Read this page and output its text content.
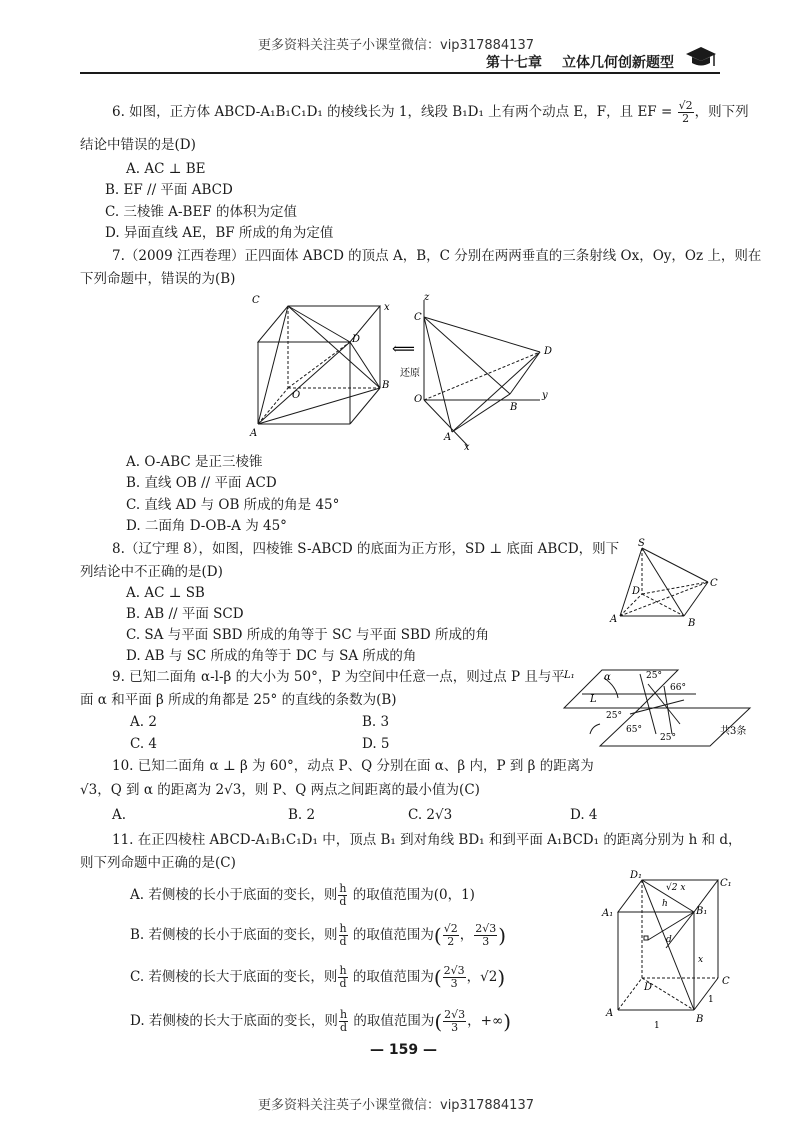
更多资料关注英子小课堂微信：vip317884137
第十七章 立体几何创新题型
6. 如图，正方体 ABCD-A₁B₁C₁D₁ 的棱线长为 1，线段 B₁D₁ 上有两个动点 E，F，且 EF = $\frac{√2}{2}$ ，则下列
结论中错误的是(D)
A. AC ⊥ BE
B. EF // 平面 ABCD
C. 三棱锥 A-BEF 的体积为定值
D. 异面直线 AE，BF 所成的角为定值
7.（2009 江西卷理）正四面体 ABCD 的顶点 A，B，C 分别在两两垂直的三条射线 Ox，Oy，Oz 上，则在
下列命题中，错误的为(B)
C
x
D
O
B
A
⟸
还原
z
C
D
O
B
y
A
x
A. O-ABC 是正三棱锥
B. 直线 OB // 平面 ACD
C. 直线 AD 与 OB 所成的角是 45°
D. 二面角 D-OB-A 为 45°
8.（辽宁理 8），如图，四棱锥 S-ABCD 的底面为正方形，SD ⊥ 底面 ABCD，则下
列结论中不正确的是(D)
A. AC ⊥ SB
B. AB // 平面 SCD
C. SA 与平面 SBD 所成的角等于 SC 与平面 SBD 所成的角
D. AB 与 SC 所成的角等于 DC 与 SA 所成的角
S
D
C
A	B
9. 已知二面角 α-l-β 的大小为 50°，P 为空间中任意一点，则过点 P 且与平
面 α 和平面 β 所成的角都是 25° 的直线的条数为(B)
A. 2	B. 3
C. 4	D. 5
L₁	α	25°
66°
L
25°
65°
25°
共3条
10. 已知二面角 α ⊥ β 为 60°，动点 P、Q 分别在面 α、β 内，P 到 β 的距离为
√3，Q 到 α 的距离为 2√3，则 P、Q 两点之间距离的最小值为(C)
A.	B. 2	C. 2√3	D. 4
11. 在正四棱柱 ABCD-A₁B₁C₁D₁ 中，顶点 B₁ 到对角线 BD₁ 和到平面 A₁BCD₁ 的距离分别为 h 和 d，
则下列命题中正确的是(C)
A. 若侧棱的长小于底面的变长，则 $\frac{h}{d}$ 的取值范围为(0，1)
B. 若侧棱的长小于底面的变长，则 $\frac{h}{d}$ 的取值范围为( $\frac{√2}{2}$ ， $\frac{2√3}{3}$ )
C. 若侧棱的长大于底面的变长，则 $\frac{h}{d}$ 的取值范围为( $\frac{2√3}{3}$ ，√2)
D. 若侧棱的长大于底面的变长，则 $\frac{h}{d}$ 的取值范围为( $\frac{2√3}{3}$ ，+∞)
D₁
C₁
A₁	B₁
h
√2 x
d
x
D
C
A
B
1
1
— 159 —
更多资料关注英子小课堂微信：vip317884137
